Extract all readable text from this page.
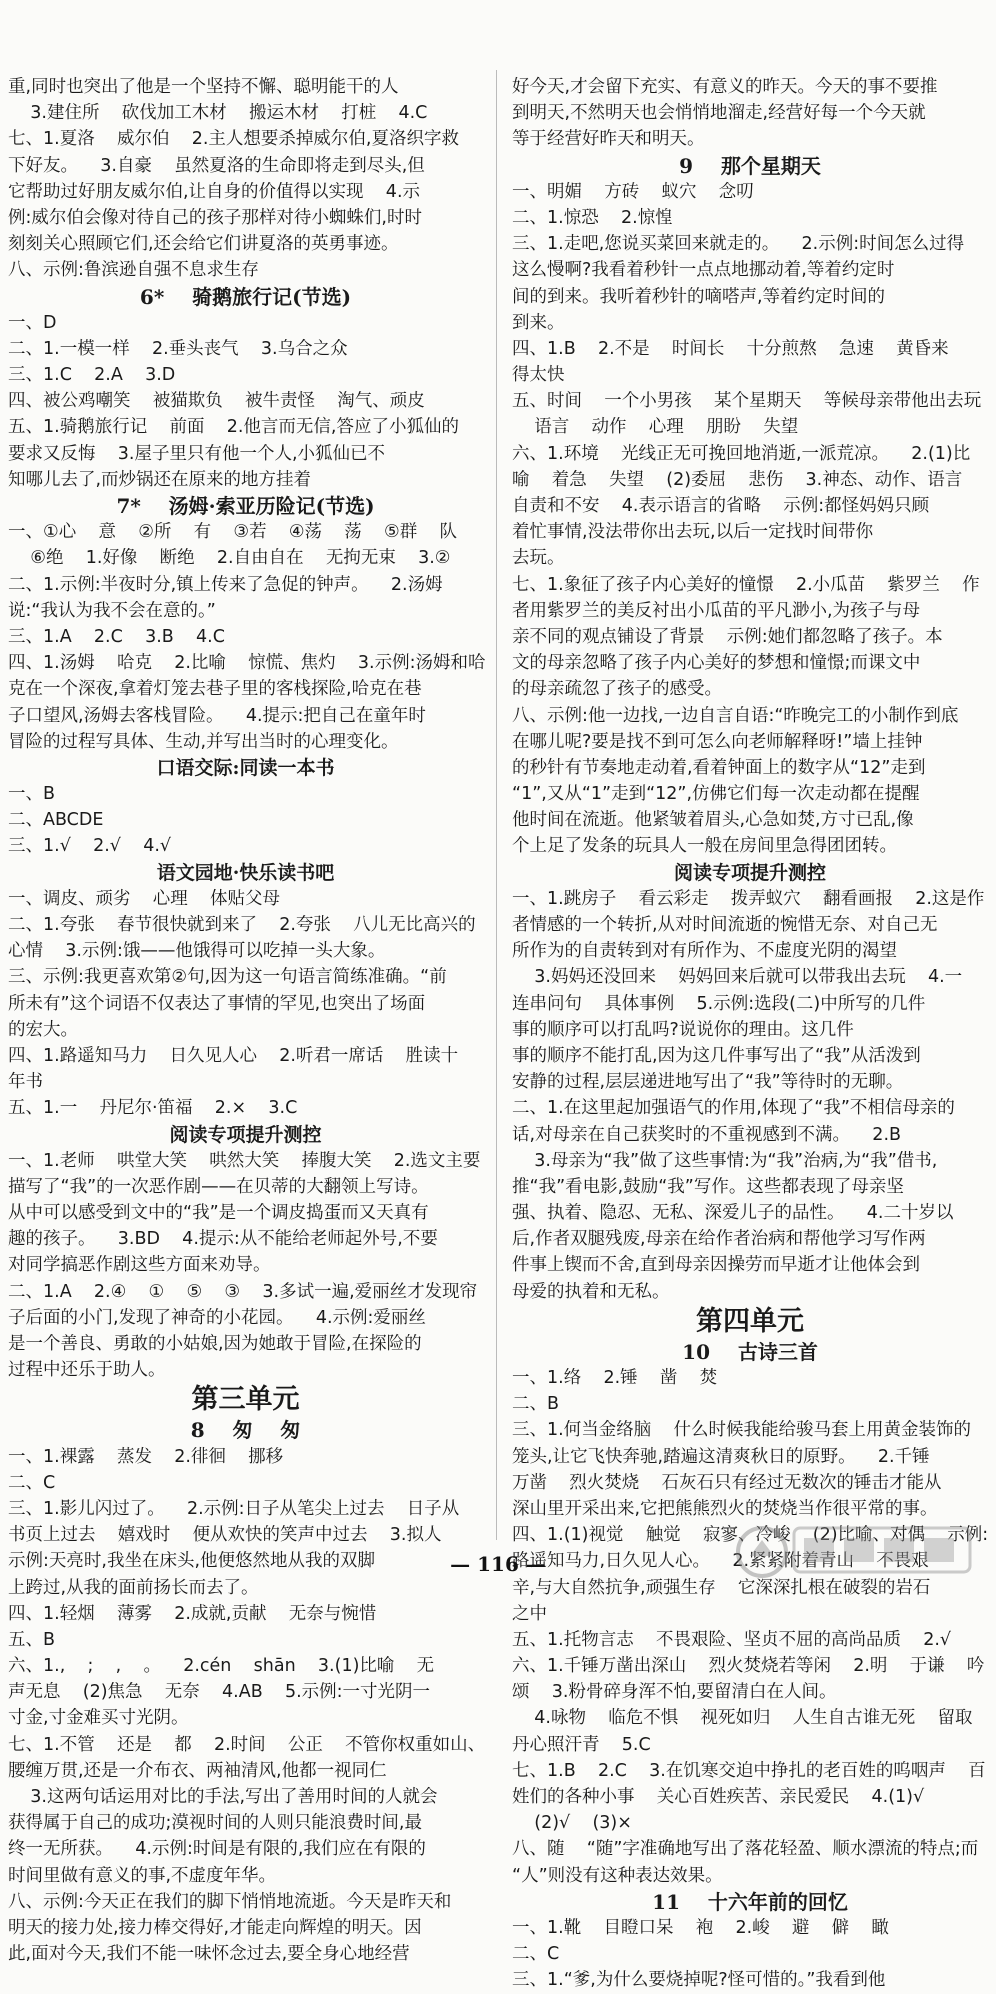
重,同时也突出了他是一个坚持不懈、聪明能干的人
3.建住所    砍伐加工木材    搬运木材    打桩    4.C
七、1.夏洛    威尔伯    2.主人想要杀掉威尔伯,夏洛织字救
下好友。    3.自豪    虽然夏洛的生命即将走到尽头,但
它帮助过好朋友威尔伯,让自身的价值得以实现    4.示
例:威尔伯会像对待自己的孩子那样对待小蜘蛛们,时时
刻刻关心照顾它们,还会给它们讲夏洛的英勇事迹。
八、示例:鲁滨逊自强不息求生存
6*    骑鹅旅行记(节选)
一、D
二、1.一模一样    2.垂头丧气    3.乌合之众
三、1.C    2.A    3.D
四、被公鸡嘲笑    被猫欺负    被牛责怪    淘气、顽皮
五、1.骑鹅旅行记    前面    2.他言而无信,答应了小狐仙的
要求又反悔    3.屋子里只有他一个人,小狐仙已不
知哪儿去了,而炒锅还在原来的地方挂着
7*    汤姆·索亚历险记(节选)
一、①心    意    ②所    有    ③若    ④荡    荡    ⑤群    队
⑥绝    1.好像    断绝    2.自由自在    无拘无束    3.②
二、1.示例:半夜时分,镇上传来了急促的钟声。    2.汤姆
说:“我认为我不会在意的。”
三、1.A    2.C    3.B    4.C
四、1.汤姆    哈克    2.比喻    惊慌、焦灼    3.示例:汤姆和哈
克在一个深夜,拿着灯笼去巷子里的客栈探险,哈克在巷
子口望风,汤姆去客栈冒险。    4.提示:把自己在童年时
冒险的过程写具体、生动,并写出当时的心理变化。
口语交际:同读一本书
一、B
二、ABCDE
三、1.√    2.√    4.√
语文园地·快乐读书吧
一、调皮、顽劣    心理    体贴父母
二、1.夸张    春节很快就到来了    2.夸张    八儿无比高兴的
心情    3.示例:饿——他饿得可以吃掉一头大象。
三、示例:我更喜欢第②句,因为这一句语言简练准确。“前
所未有”这个词语不仅表达了事情的罕见,也突出了场面
的宏大。
四、1.路遥知马力    日久见人心    2.听君一席话    胜读十
年书
五、1.一    丹尼尔·笛福    2.×    3.C
阅读专项提升测控
一、1.老师    哄堂大笑    哄然大笑    捧腹大笑    2.选文主要
描写了“我”的一次恶作剧——在贝蒂的大翻领上写诗。
从中可以感受到文中的“我”是一个调皮捣蛋而又天真有
趣的孩子。    3.BD    4.提示:从不能给老师起外号,不要
对同学搞恶作剧这些方面来劝导。
二、1.A    2.④    ①    ⑤    ③    3.多试一遍,爱丽丝才发现帘
子后面的小门,发现了神奇的小花园。    4.示例:爱丽丝
是一个善良、勇敢的小姑娘,因为她敢于冒险,在探险的
过程中还乐于助人。
第三单元
8    匆    匆
一、1.裸露    蒸发    2.徘徊    挪移
二、C
三、1.影儿闪过了。    2.示例:日子从笔尖上过去    日子从
书页上过去    嬉戏时    便从欢快的笑声中过去    3.拟人
示例:天亮时,我坐在床头,他便悠然地从我的双脚
上跨过,从我的面前扬长而去了。
四、1.轻烟    薄雾    2.成就,贡献    无奈与惋惜
五、B
六、1.,    ;    ,    。    2.cén    shān    3.(1)比喻    无
声无息    (2)焦急    无奈    4.AB    5.示例:一寸光阴一
寸金,寸金难买寸光阴。
七、1.不管    还是    都    2.时间    公正    不管你权重如山、
腰缠万贯,还是一介布衣、两袖清风,他都一视同仁
3.这两句话运用对比的手法,写出了善用时间的人就会
获得属于自己的成功;漠视时间的人则只能浪费时间,最
终一无所获。    4.示例:时间是有限的,我们应在有限的
时间里做有意义的事,不虚度年华。
八、示例:今天正在我们的脚下悄悄地流逝。今天是昨天和
明天的接力处,接力棒交得好,才能走向辉煌的明天。因
此,面对今天,我们不能一味怀念过去,要全身心地经营
好今天,才会留下充实、有意义的昨天。今天的事不要推
到明天,不然明天也会悄悄地溜走,经营好每一个今天就
等于经营好昨天和明天。
9    那个星期天
一、明媚    方砖    蚁穴    念叨
二、1.惊恐    2.惊惶
三、1.走吧,您说买菜回来就走的。    2.示例:时间怎么过得
这么慢啊?我看着秒针一点点地挪动着,等着约定时
间的到来。我听着秒针的嘀嗒声,等着约定时间的
到来。
四、1.B    2.不是    时间长    十分煎熬    急速    黄昏来
得太快
五、时间    一个小男孩    某个星期天    等候母亲带他出去玩
语言    动作    心理    朋盼    失望
六、1.环境    光线正无可挽回地消逝,一派荒凉。    2.(1)比
喻    着急    失望    (2)委屈    悲伤    3.神态、动作、语言
自责和不安    4.表示语言的省略    示例:都怪妈妈只顾
着忙事情,没法带你出去玩,以后一定找时间带你
去玩。
七、1.象征了孩子内心美好的憧憬    2.小瓜苗    紫罗兰    作
者用紫罗兰的美反衬出小瓜苗的平凡渺小,为孩子与母
亲不同的观点铺设了背景    示例:她们都忽略了孩子。本
文的母亲忽略了孩子内心美好的梦想和憧憬;而课文中
的母亲疏忽了孩子的感受。
八、示例:他一边找,一边自言自语:“昨晚完工的小制作到底
在哪儿呢?要是找不到可怎么向老师解释呀!”墙上挂钟
的秒针有节奏地走动着,看着钟面上的数字从“12”走到
“1”,又从“1”走到“12”,仿佛它们每一次走动都在提醒
他时间在流逝。他紧皱着眉头,心急如焚,方寸已乱,像
个上足了发条的玩具人一般在房间里急得团团转。
阅读专项提升测控
一、1.跳房子    看云彩走    拨弄蚁穴    翻看画报    2.这是作
者情感的一个转折,从对时间流逝的惋惜无奈、对自己无
所作为的自责转到对有所作为、不虚度光阴的渴望
3.妈妈还没回来    妈妈回来后就可以带我出去玩    4.一
连串问句    具体事例    5.示例:选段(二)中所写的几件
事的顺序可以打乱吗?说说你的理由。这几件
事的顺序不能打乱,因为这几件事写出了“我”从活泼到
安静的过程,层层递进地写出了“我”等待时的无聊。
二、1.在这里起加强语气的作用,体现了“我”不相信母亲的
话,对母亲在自己获奖时的不重视感到不满。    2.B
3.母亲为“我”做了这些事情:为“我”治病,为“我”借书,
推“我”看电影,鼓励“我”写作。这些都表现了母亲坚
强、执着、隐忍、无私、深爱儿子的品性。    4.二十岁以
后,作者双腿残废,母亲在给作者治病和帮他学习写作两
件事上锲而不舍,直到母亲因操劳而早逝才让他体会到
母爱的执着和无私。
第四单元
10    古诗三首
一、1.络    2.锤    凿    焚
二、B
三、1.何当金络脑    什么时候我能给骏马套上用黄金装饰的
笼头,让它飞快奔驰,踏遍这清爽秋日的原野。    2.千锤
万凿    烈火焚烧    石灰石只有经过无数次的锤击才能从
深山里开采出来,它把熊熊烈火的焚烧当作很平常的事。
四、1.(1)视觉    触觉    寂寥、冷峻    (2)比喻、对偶    示例:
路遥知马力,日久见人心。    2.紧紧附着青山    不畏艰
辛,与大自然抗争,顽强生存    它深深扎根在破裂的岩石
之中
五、1.托物言志    不畏艰险、坚贞不屈的高尚品质    2.√
六、1.千锤万凿出深山    烈火焚烧若等闲    2.明    于谦    吟
颂    3.粉骨碎身浑不怕,要留清白在人间。
4.咏物    临危不惧    视死如归    人生自古谁无死    留取
丹心照汗青    5.C
七、1.B    2.C    3.在饥寒交迫中挣扎的老百姓的呜咽声    百
姓们的各种小事    关心百姓疾苦、亲民爱民    4.(1)√
(2)√    (3)×
八、随    “随”字准确地写出了落花轻盈、顺水漂流的特点;而
“人”则没有这种表达效果。
11    十六年前的回忆
一、1.靴    目瞪口呆    袍    2.峻    避    僻    瞰
二、C
三、1.“爹,为什么要烧掉呢?怪可惜的。”我看到他
— 116 —
